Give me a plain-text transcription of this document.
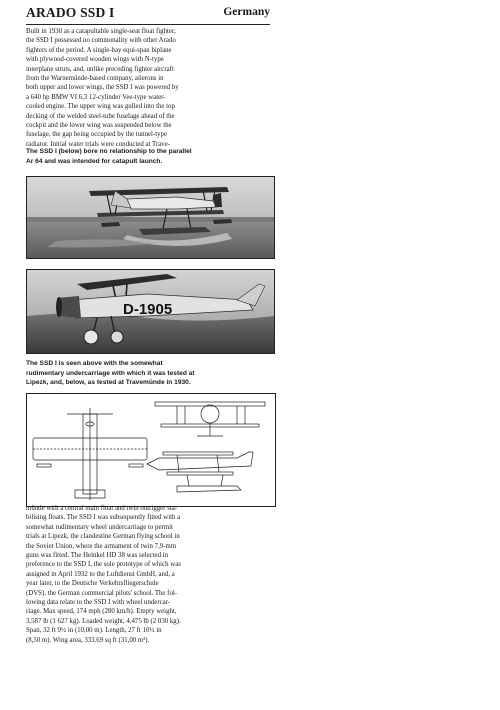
ARADO SSD I	Germany
Built in 1930 as a catapultable single-seat float fighter,
the SSD I possessed no commonality with other Arado
fighters of the period. A single-bay equi-span biplane
with plywood-covered wooden wings with N-type
interplane struts, and, unlike preceding fighter aircraft
from the Warnemünde-based company, ailerons in
both upper and lower wings, the SSD I was powered by
a 640 hp BMW VI 6,3 12-cylinder Vee-type water-
cooled engine. The upper wing was gulled into the top
decking of the welded steel-tube fuselage ahead of the
cockpit and the lower wing was suspended below the
fuselage, the gap being occupied by the tunnel-type
radiator. Initial water trials were conducted at Trave-
The SSD I (below) bore no relationship to the parallel
Ar 64 and was intended for catapult launch.
D-1905
The SSD I is seen above with the somewhat
rudimentary undercarriage with which it was tested at
Lipezk, and, below, as tested at Travemünde in 1930.
münde with a central main float and twin outrigger sta-
bilising floats. The SSD I was subsequently fitted with a
somewhat rudimentary wheel undercarriage to permit
trials at Lipezk, the clandestine German flying school in
the Soviet Union, where the armament of twin 7,9-mm
guns was fitted. The Heinkel HD 38 was selected in
preference to the SSD I, the sole prototype of which was
assigned in April 1932 to the Luftdienst GmbH, and, a
year later, to the Deutsche Verkehrsfliegerschule
(DVS), the German commercial pilots' school. The fol-
lowing data relate to the SSD I with wheel undercar-
riage. Max speed, 174 mph (280 km/h). Empty weight,
3,587 lb (1 627 kg). Loaded weight, 4,475 lb (2 030 kg).
Span, 32 ft 9½ in (10,00 m). Length, 27 ft 10½ in
(8,50 m). Wing area, 333.69 sq ft (31,00 m²).
